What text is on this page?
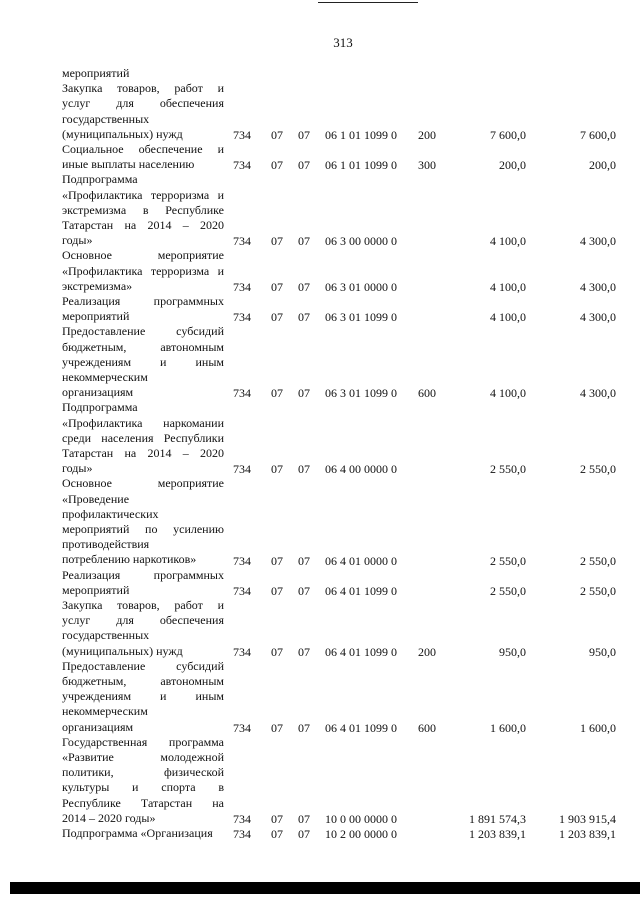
313
мероприятий
Закупка товаров, работ и
услуг для обеспечения
государственных
(муниципальных) нужд	734 07 07 06 1 01 1099 0 200	7 600,0	7 600,0
Социальное обеспечение и
иные выплаты населению	734 07 07 06 1 01 1099 0 300	200,0	200,0
Подпрограмма
«Профилактика терроризма и
экстремизма в Республике
Татарстан на 2014 – 2020
годы»	734 07 07 06 3 00 0000 0	4 100,0	4 300,0
Основное мероприятие
«Профилактика терроризма и
экстремизма»	734 07 07 06 3 01 0000 0	4 100,0	4 300,0
Реализация программных
мероприятий	734 07 07 06 3 01 1099 0	4 100,0	4 300,0
Предоставление субсидий
бюджетным, автономным
учреждениям и иным
некоммерческим
организациям	734 07 07 06 3 01 1099 0 600	4 100,0	4 300,0
Подпрограмма
«Профилактика наркомании
среди населения Республики
Татарстан на 2014 – 2020
годы»	734 07 07 06 4 00 0000 0	2 550,0	2 550,0
Основное мероприятие
«Проведение
профилактических
мероприятий по усилению
противодействия
потреблению наркотиков»	734 07 07 06 4 01 0000 0	2 550,0	2 550,0
Реализация программных
мероприятий	734 07 07 06 4 01 1099 0	2 550,0	2 550,0
Закупка товаров, работ и
услуг для обеспечения
государственных
(муниципальных) нужд	734 07 07 06 4 01 1099 0 200	950,0	950,0
Предоставление субсидий
бюджетным, автономным
учреждениям и иным
некоммерческим
организациям	734 07 07 06 4 01 1099 0 600	1 600,0	1 600,0
Государственная программа
«Развитие молодежной
политики, физической
культуры и спорта в
Республике Татарстан на
2014 – 2020 годы»	734 07 07 10 0 00 0000 0	1 891 574,3	1 903 915,4
Подпрограмма «Организация	734 07 07 10 2 00 0000 0	1 203 839,1	1 203 839,1
